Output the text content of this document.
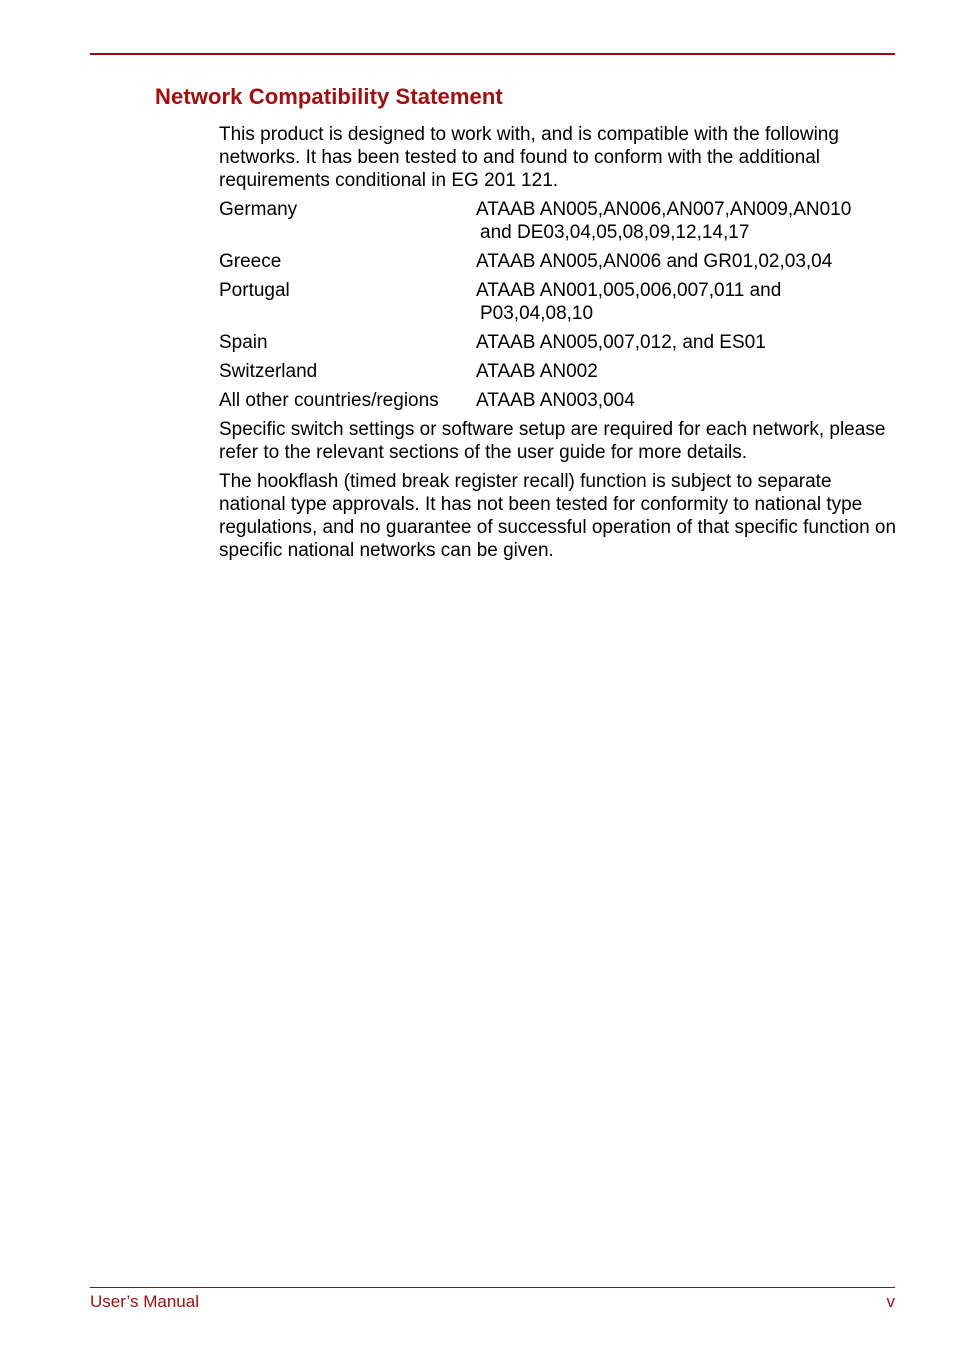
Network Compatibility Statement

This product is designed to work with, and is compatible with the following networks. It has been tested to and found to conform with the additional requirements conditional in EG 201 121.

Germany	ATAAB AN005,AN006,AN007,AN009,AN010
and DE03,04,05,08,09,12,14,17
Greece	ATAAB AN005,AN006 and GR01,02,03,04
Portugal	ATAAB AN001,005,006,007,011 and
P03,04,08,10
Spain	ATAAB AN005,007,012, and ES01
Switzerland	ATAAB AN002
All other countries/regions	ATAAB AN003,004

Specific switch settings or software setup are required for each network, please refer to the relevant sections of the user guide for more details.

The hookflash (timed break register recall) function is subject to separate national type approvals. It has not been tested for conformity to national type regulations, and no guarantee of successful operation of that specific function on specific national networks can be given.

User’s Manual	v
